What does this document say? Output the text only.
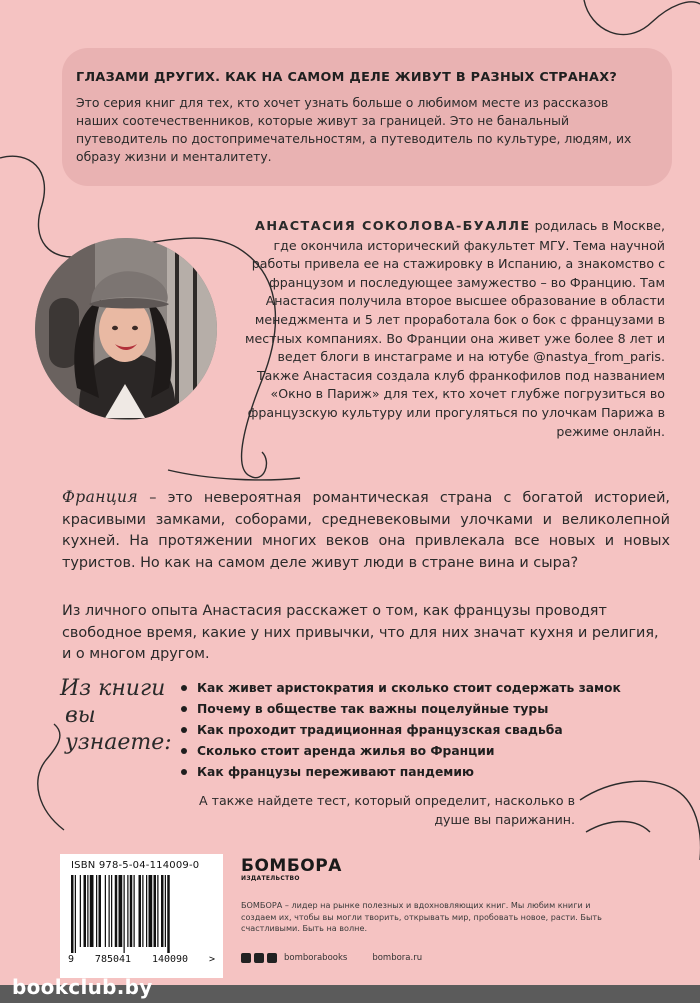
ГЛАЗАМИ ДРУГИХ. КАК НА САМОМ ДЕЛЕ ЖИВУТ В РАЗНЫХ СТРАНАХ?

Это серия книг для тех, кто хочет узнать больше о любимом месте из рассказов наших соотечественников, которые живут за границей. Это не банальный путеводитель по достопримечательностям, а путеводитель по культуре, людям, их образу жизни и менталитету.

АНАСТАСИЯ СОКОЛОВА-БУАЛЛЕ родилась в Москве, где окончила исторический факультет МГУ. Тема научной работы привела ее на стажировку в Испанию, а знакомство с французом и последующее замужество – во Францию. Там Анастасия получила второе высшее образование в области менеджмента и 5 лет проработала бок о бок с французами в местных компаниях. Во Франции она живет уже более 8 лет и ведет блоги в инстаграме и на ютубе @nastya_from_paris. Также Анастасия создала клуб франкофилов под названием «Окно в Париж» для тех, кто хочет глубже погрузиться во французскую культуру или прогуляться по улочкам Парижа в режиме онлайн.

Франция – это невероятная романтическая страна с богатой историей, красивыми замками, соборами, средневековыми улочками и великолепной кухней. На протяжении многих веков она привлекала все новых и новых туристов. Но как на самом деле живут люди в стране вина и сыра?

Из личного опыта Анастасия расскажет о том, как французы проводят свободное время, какие у них привычки, что для них значат кухня и религия, и о многом другом.

Из книги
вы узнаете:

Как живет аристократия и сколько стоит содержать замок
Почему в обществе так важны поцелуйные туры
Как проходит традиционная французская свадьба
Сколько стоит аренда жилья во Франции
Как французы переживают пандемию

А также найдете тест, который определит, насколько в душе вы парижанин.

ISBN 978-5-04-114009-0
9 785041 140090 >

БОМБОРА

ИЗДАТЕЛЬСТВО

БОМБОРА – лидер на рынке полезных и вдохновляющих книг. Мы любим книги и создаем их, чтобы вы могли творить, открывать мир, пробовать новое, расти. Быть счастливыми. Быть на волне.

bomborabooks	bombora.ru

bookclub.by
